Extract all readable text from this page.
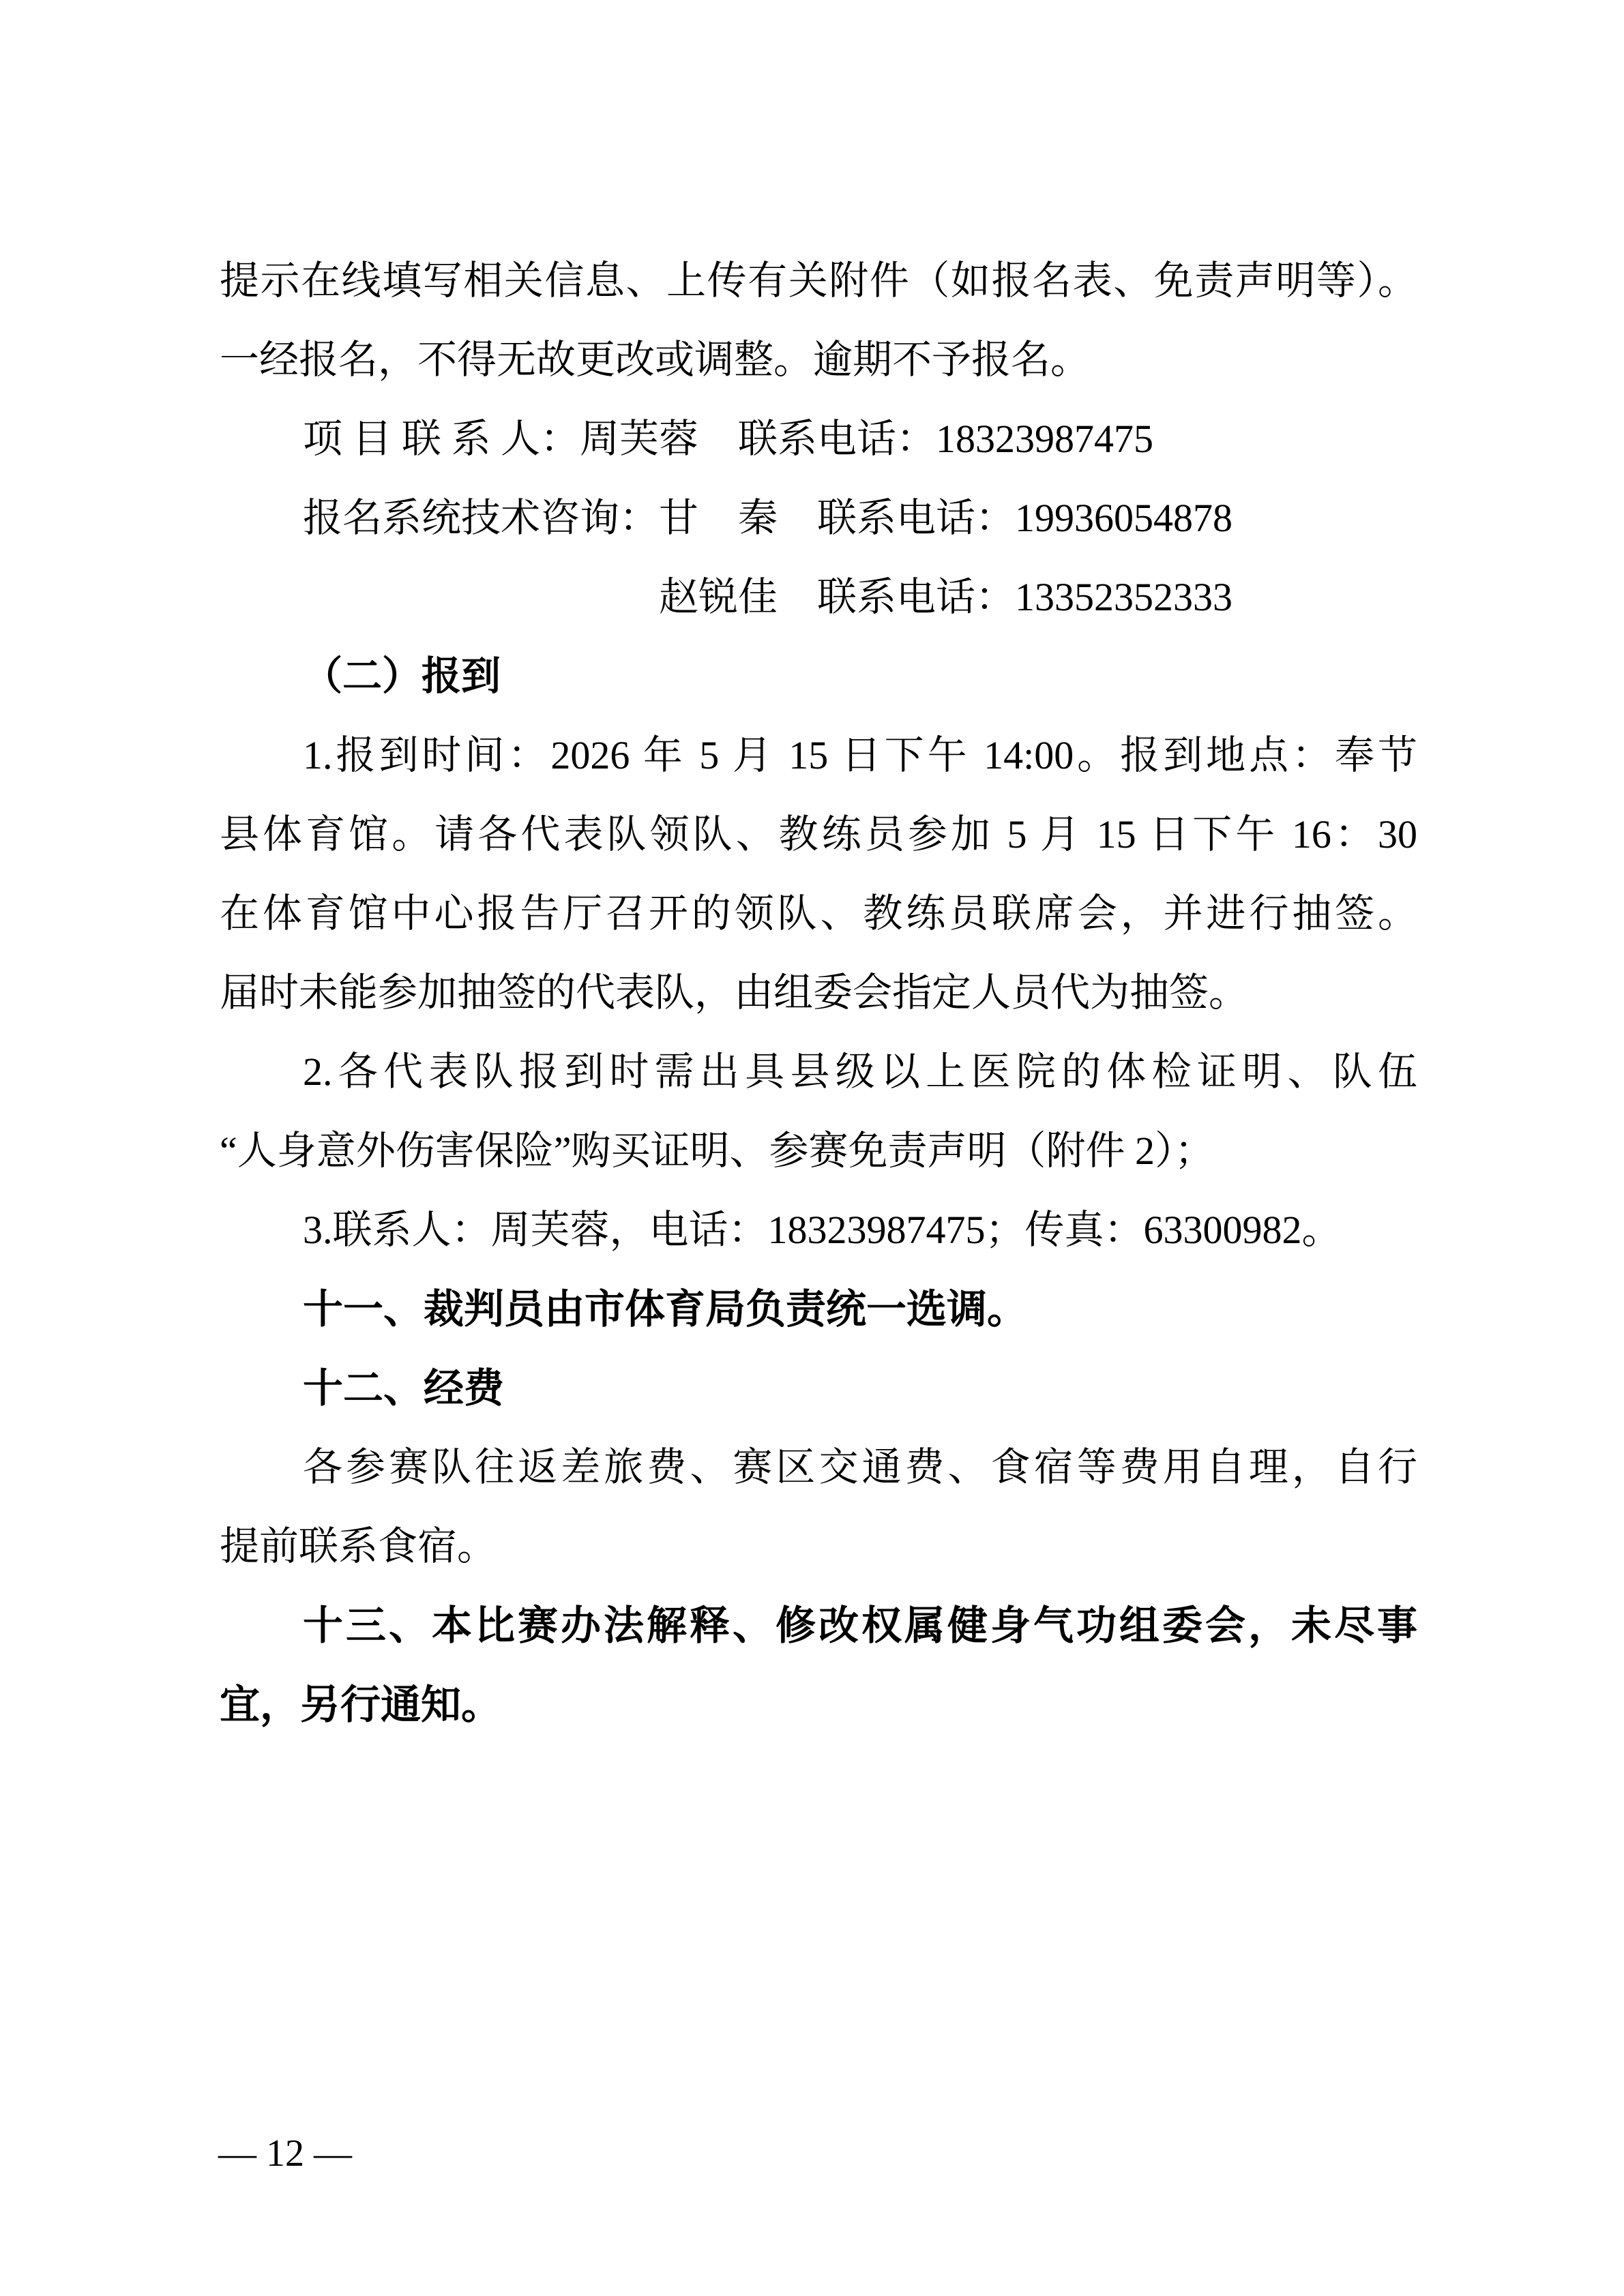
提示在线填写相关信息、上传有关附件（如报名表、免责声明等）。
一经报名，不得无故更改或调整。逾期不予报名。
项 目 联 系 人：周芙蓉　联系电话：18323987475
报名系统技术咨询：甘　秦　联系电话：19936054878
赵锐佳　联系电话：13352352333
（二）报到
1.报到时间：2026 年 5 月 15 日下午 14:00。报到地点：奉节
县体育馆。请各代表队领队、教练员参加 5 月 15 日下午 16：30
在体育馆中心报告厅召开的领队、教练员联席会，并进行抽签。
届时未能参加抽签的代表队，由组委会指定人员代为抽签。
2.各代表队报到时需出具县级以上医院的体检证明、队伍
“人身意外伤害保险”购买证明、参赛免责声明（附件 2）；
3.联系人：周芙蓉，电话：18323987475；传真：63300982。
十一、裁判员由市体育局负责统一选调。
十二、经费
各参赛队往返差旅费、赛区交通费、食宿等费用自理，自行
提前联系食宿。
十三、本比赛办法解释、修改权属健身气功组委会，未尽事
宜，另行通知。
— 12 —
